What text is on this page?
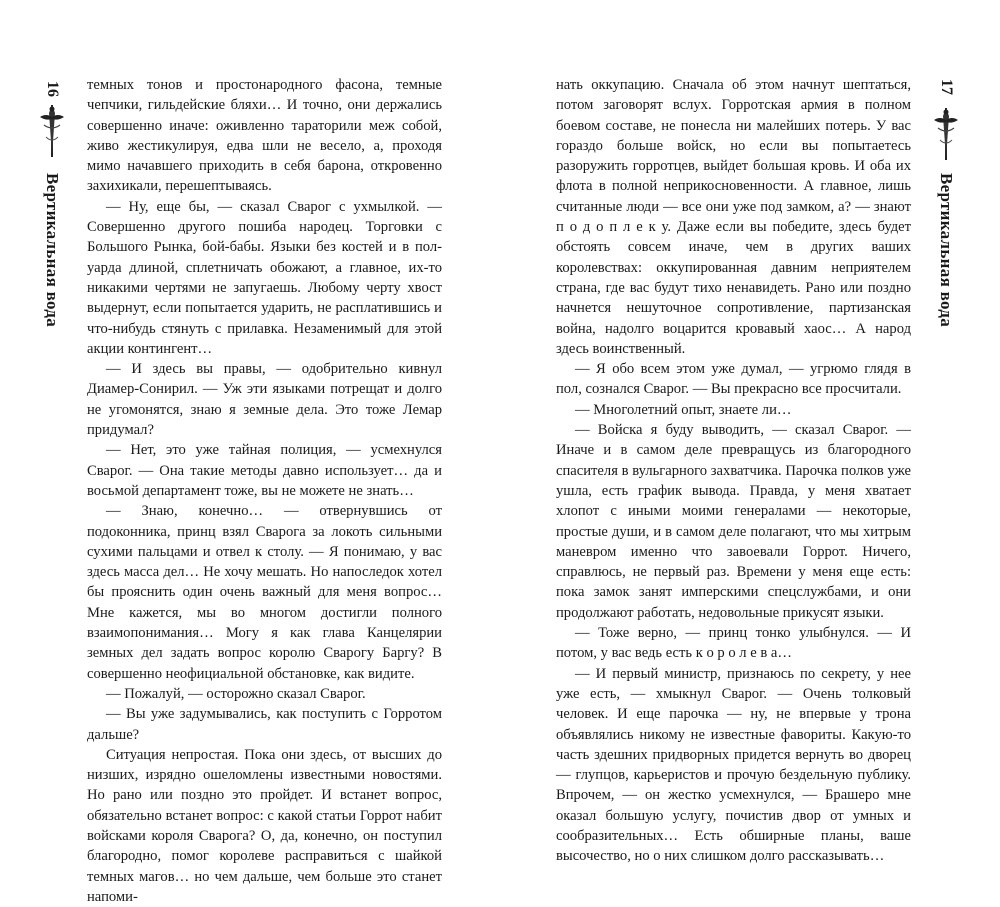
16
Вертикальная вода

темных тонов и простонародного фасона, темные чепчики, гильдейские бляхи… И точно, они держались совершенно иначе: оживленно тараторили меж собой, живо жестикулируя, едва шли не весело, а, проходя мимо начавшего приходить в себя барона, откровенно захихикали, перешептываясь.

— Ну, еще бы, — сказал Сварог с ухмылкой. — Совершенно другого пошиба народец. Торговки с Большого Рынка, бой-бабы. Языки без костей и в пол-уарда длиной, сплетничать обожают, а главное, их-то никакими чертями не запугаешь. Любому черту хвост выдернут, если попытается ударить, не расплатившись и что-нибудь стянуть с прилавка. Незаменимый для этой акции контингент…

— И здесь вы правы, — одобрительно кивнул Диамер-Сонирил. — Уж эти языками потрещат и долго не угомонятся, знаю я земные дела. Это тоже Лемар придумал?

— Нет, это уже тайная полиция, — усмехнулся Сварог. — Она такие методы давно использует… да и восьмой департамент тоже, вы не можете не знать…

— Знаю, конечно… — отвернувшись от подоконника, принц взял Сварога за локоть сильными сухими пальцами и отвел к столу. — Я понимаю, у вас здесь масса дел… Не хочу мешать. Но напоследок хотел бы прояснить один очень важный для меня вопрос… Мне кажется, мы во многом достигли полного взаимопонимания… Могу я как глава Канцелярии земных дел задать вопрос королю Сварогу Баргу? В совершенно неофициальной обстановке, как видите.

— Пожалуй, — осторожно сказал Сварог.

— Вы уже задумывались, как поступить с Горротом дальше?

Ситуация непростая. Пока они здесь, от высших до низших, изрядно ошеломлены известными новостями. Но рано или поздно это пройдет. И встанет вопрос, обязательно встанет вопрос: с какой статьи Горрот набит войсками короля Сварога? О, да, конечно, он поступил благородно, помог королеве расправиться с шайкой темных магов… но чем дальше, чем больше это станет напоми-

нать оккупацию. Сначала об этом начнут шептаться, потом заговорят вслух. Горротская армия в полном боевом составе, не понесла ни малейших потерь. У вас гораздо больше войск, но если вы попытаетесь разоружить горротцев, выйдет большая кровь. И оба их флота в полной неприкосновенности. А главное, лишь считанные люди — все они уже под замком, а? — знают п о д о п л е к у. Даже если вы победите, здесь будет обстоять совсем иначе, чем в других ваших королевствах: оккупированная давним неприятелем страна, где вас будут тихо ненавидеть. Рано или поздно начнется нешуточное сопротивление, партизанская война, надолго воцарится кровавый хаос… А народ здесь воинственный.

— Я обо всем этом уже думал, — угрюмо глядя в пол, сознался Сварог. — Вы прекрасно все просчитали.

— Многолетний опыт, знаете ли…

— Войска я буду выводить, — сказал Сварог. — Иначе и в самом деле превращусь из благородного спасителя в вульгарного захватчика. Парочка полков уже ушла, есть график вывода. Правда, у меня хватает хлопот с иными моими генералами — некоторые, простые души, и в самом деле полагают, что мы хитрым маневром именно что завоевали Горрот. Ничего, справлюсь, не первый раз. Времени у меня еще есть: пока замок занят имперскими спецслужбами, и они продолжают работать, недовольные прикусят языки.

— Тоже верно, — принц тонко улыбнулся. — И потом, у вас ведь есть к о р о л е в а…

— И первый министр, признаюсь по секрету, у нее уже есть, — хмыкнул Сварог. — Очень толковый человек. И еще парочка — ну, не впервые у трона объявлялись никому не известные фавориты. Какую-то часть здешних придворных придется вернуть во дворец — глупцов, карьеристов и прочую бездельную публику. Впрочем, — он жестко усмехнулся, — Брашеро мне оказал большую услугу, почистив двор от умных и сообразительных… Есть обширные планы, ваше высочество, но о них слишком долго рассказывать…

17
Вертикальная вода
